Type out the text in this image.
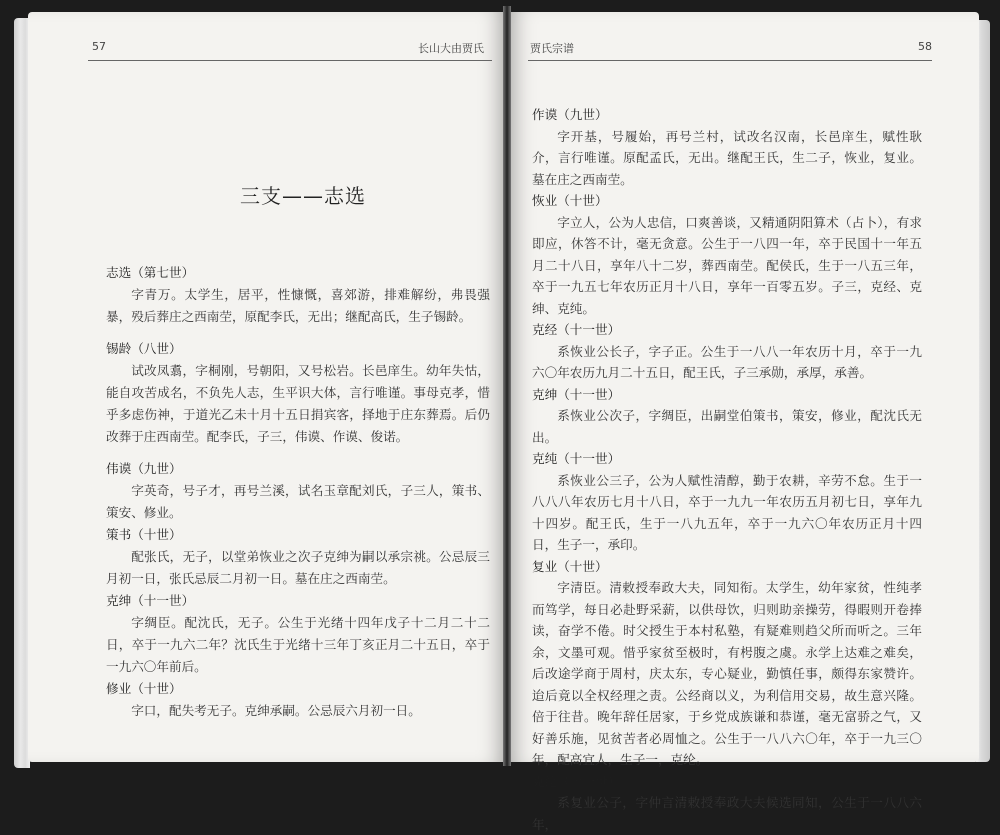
57	长山大由贾氏
三支——志选

志选（第七世）

字青万。太学生，居平，性慷慨，喜郊游，排难解纷，弗畏强暴，殁后葬庄之西南茔，原配李氏，无出；继配高氏，生子锡龄。

锡龄（八世）

试改凤翥，字桐刚，号朝阳，又号松岩。长邑庠生。幼年失怙，能自攻苦成名，不负先人志，生平识大体，言行唯谨。事母克孝，惜乎多虑伤神，于道光乙未十月十五日捐宾客，择地于庄东葬焉。后仍改葬于庄西南茔。配李氏，子三，伟谟、作谟、俊诺。

伟谟（九世）

字英奇，号子才，再号兰溪，试名玉章配刘氏，子三人，策书、策安、修业。

策书（十世）

配张氏，无子，以堂弟恢业之次子克绅为嗣以承宗祧。公忌辰三月初一日，张氏忌辰二月初一日。墓在庄之西南茔。

克绅（十一世）

字绸臣。配沈氏，无子。公生于光绪十四年戊子十二月二十二日，卒于一九六二年？沈氏生于光绪十三年丁亥正月二十五日，卒于一九六〇年前后。

修业（十世）

字口，配失考无子。克绅承嗣。公忌辰六月初一日。

贾氏宗谱	58

作谟（九世）

字开基，号履始，再号兰村，试改名汉南，长邑庠生，赋性耿介，言行唯谨。原配孟氏，无出。继配王氏，生二子，恢业，复业。墓在庄之西南茔。

恢业（十世）

字立人，公为人忠信，口爽善谈，又精通阴阳算术（占卜），有求即应，休答不计，毫无贪意。公生于一八四一年，卒于民国十一年五月二十八日，享年八十二岁，葬西南茔。配侯氏，生于一八五三年，卒于一九五七年农历正月十八日，享年一百零五岁。子三，克经、克绅、克纯。

克经（十一世）

系恢业公长子，字子正。公生于一八八一年农历十月，卒于一九六〇年农历九月二十五日，配王氏，子三承勋，承厚，承善。

克绅（十一世）

系恢业公次子，字绸臣，出嗣堂伯策书，策安，修业，配沈氏无出。

克纯（十一世）

系恢业公三子，公为人赋性清醇，勤于农耕，辛劳不怠。生于一八八八年农历七月十八日，卒于一九九一年农历五月初七日，享年九十四岁。配王氏，生于一八九五年，卒于一九六〇年农历正月十四日，生子一，承印。

复业（十世）

字清臣。清敕授奉政大夫，同知衔。太学生，幼年家贫，性纯孝而笃学，每日必赴野采薪，以供母饮，归则助亲操劳，得暇则开卷捧读，奋学不倦。时父授生于本村私塾，有疑难则趋父所而听之。三年余，文墨可观。惜乎家贫至极时，有枵腹之虞。永学上达难之难矣，后改途学商于周村，庆太东，专心疑业，勤慎任事，颇得东家赞许。迨后竟以全权经理之责。公经商以义，为利信用交易，故生意兴隆。倍于往昔。晚年辞任居家，于乡党成族谦和恭谨，毫无富骄之气，又好善乐施，见贫苦者必周恤之。公生于一八八六〇年，卒于一九三〇年，配高宜人，生子一，克纶。

克纶（十一世）

系复业公子，字仲言清敕授奉政大夫候选同知，公生于一八八六年，
